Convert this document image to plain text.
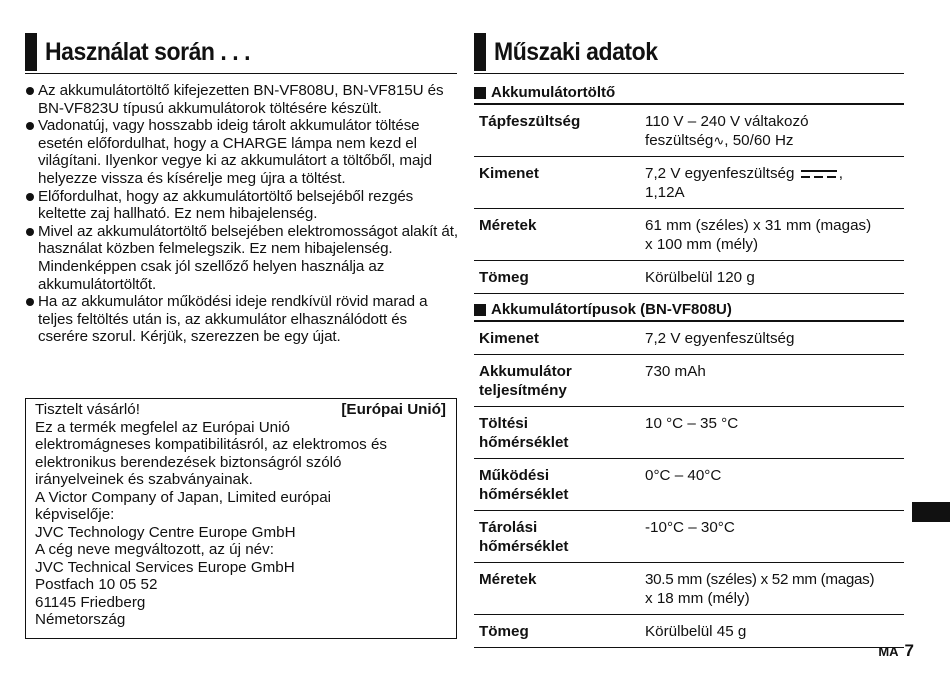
Használat során . . .
Az akkumulátortöltő kifejezetten BN-VF808U, BN-VF815U és BN-VF823U típusú akkumulátorok töltésére készült.
Vadonatúj, vagy hosszabb ideig tárolt akkumulátor töltése esetén előfordulhat, hogy a CHARGE lámpa nem kezd el világítani. Ilyenkor vegye ki az akkumulátort a töltőből, majd helyezze vissza és kísérelje meg újra a töltést.
Előfordulhat, hogy az akkumulátortöltő belsejéből rezgés keltette zaj hallható. Ez nem hibajelenség.
Mivel az akkumulátortöltő belsejében elektromosságot alakít át, használat közben felmelegszik. Ez nem hibajelenség. Mindenképpen csak jól szellőző helyen használja az akkumulátortöltőt.
Ha az akkumulátor működési ideje rendkívül rövid marad a teljes feltöltés után is, az akkumulátor elhasználódott és cserére szorul. Kérjük, szerezzen be egy újat.
Tisztelt vásárló!	[Európai Unió]
Ez a termék megfelel az Európai Unió
elektromágneses kompatibilitásról, az elektromos és
elektronikus berendezések biztonságról szóló
irányelveinek és szabványainak.
A Victor Company of Japan, Limited európai
képviselője:
JVC Technology Centre Europe GmbH
A cég neve megváltozott, az új név:
JVC Technical Services Europe GmbH
Postfach 10 05 52
61145 Friedberg
Németország
Műszaki adatok
Akkumulátortöltő
Tápfeszültség	110 V – 240 V váltakozó
feszültség∿, 50/60 Hz
Kimenet	7,2 V egyenfeszültség ,
1,12A
Méretek	61 mm (széles) x 31 mm (magas)
x 100 mm (mély)
Tömeg	Körülbelül 120 g
Akkumulátortípusok (BN-VF808U)
Kimenet	7,2 V egyenfeszültség
Akkumulátor
teljesítmény	730 mAh
Töltési
hőmérséklet	10 °C – 35 °C
Működési
hőmérséklet	0°C – 40°C
Tárolási
hőmérséklet	-10°C – 30°C
Méretek	30.5 mm (széles) x 52 mm (magas)
x 18 mm (mély)
Tömeg	Körülbelül 45 g
MA 7
